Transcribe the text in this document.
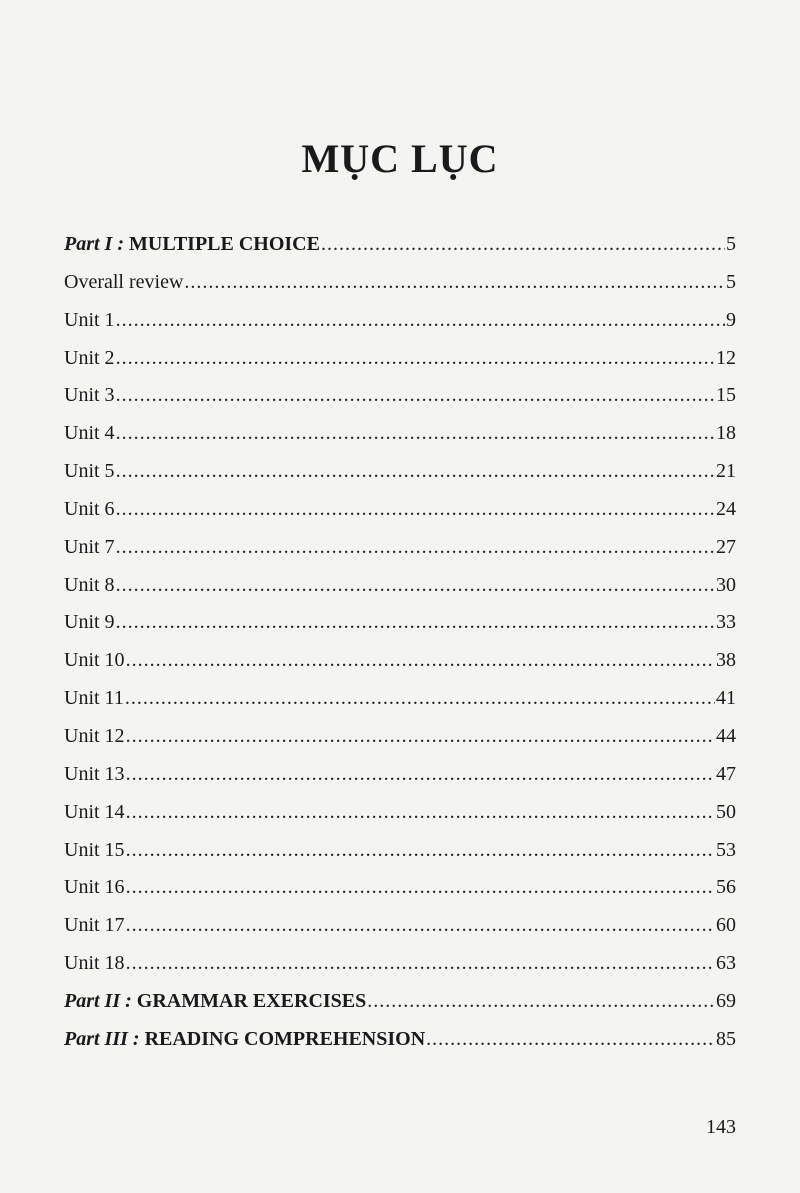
MỤC LỤC
Part I : MULTIPLE CHOICE .....	5
Overall review .....	5
Unit 1 .....	9
Unit 2 .....	12
Unit 3 .....	15
Unit 4 .....	18
Unit 5 .....	21
Unit 6 .....	24
Unit 7 .....	27
Unit 8 .....	30
Unit 9 .....	33
Unit 10 .....	38
Unit 11 .....	41
Unit 12 .....	44
Unit 13 .....	47
Unit 14 .....	50
Unit 15 .....	53
Unit 16 .....	56
Unit 17 .....	60
Unit 18 .....	63
Part II : GRAMMAR EXERCISES .....	69
Part III : READING COMPREHENSION .....	85
143
